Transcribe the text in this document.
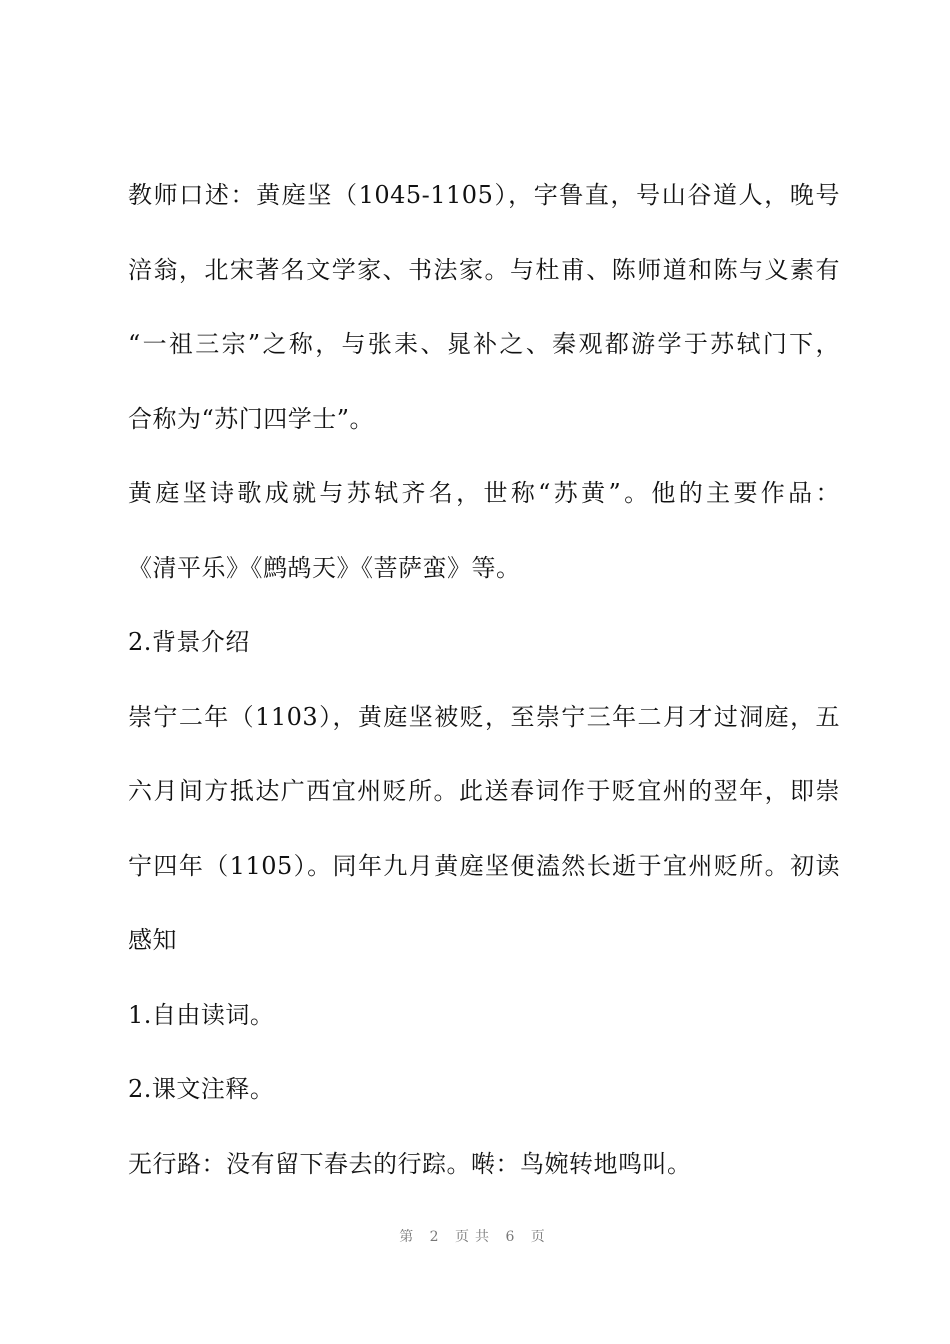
教师口述：黄庭坚（1045-1105），字鲁直，号山谷道人，晚号
涪翁，北宋著名文学家、书法家。与杜甫、陈师道和陈与义素有
“一祖三宗”之称，与张耒、晁补之、秦观都游学于苏轼门下，
合称为“苏门四学士”。
黄庭坚诗歌成就与苏轼齐名，世称“苏黄”。他的主要作品：
《清平乐》《鹧鸪天》《菩萨蛮》等。
2.背景介绍
崇宁二年（1103），黄庭坚被贬，至崇宁三年二月才过洞庭，五
六月间方抵达广西宜州贬所。此送春词作于贬宜州的翌年，即崇
宁四年（1105）。同年九月黄庭坚便溘然长逝于宜州贬所。初读
感知
1.自由读词。
2.课文注释。
无行路：没有留下春去的行踪。啭：鸟婉转地鸣叫。
第 2 页共 6 页
